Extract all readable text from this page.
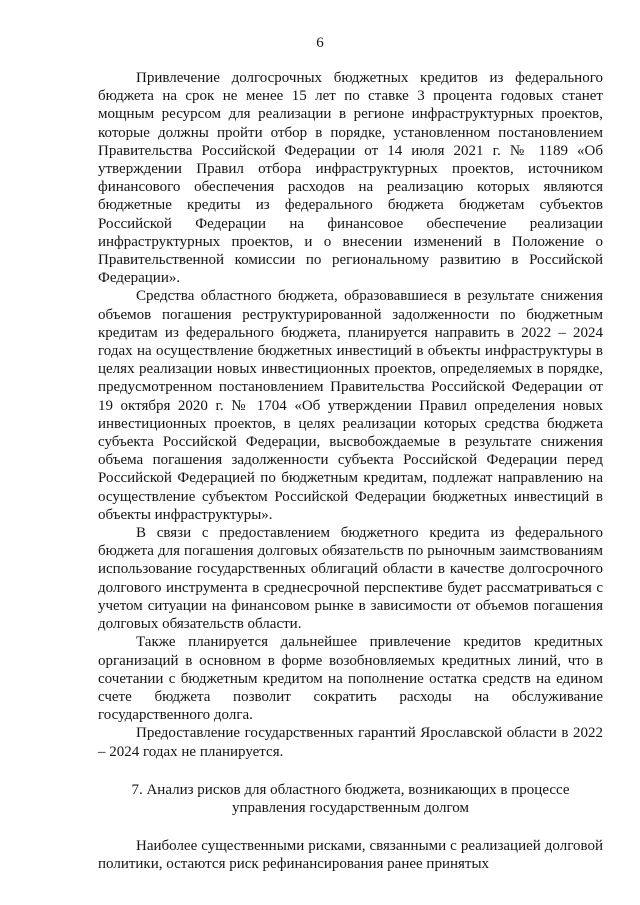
6

Привлечение долгосрочных бюджетных кредитов из федерального бюджета на срок не менее 15 лет по ставке 3 процента годовых станет мощным ресурсом для реализации в регионе инфраструктурных проектов, которые должны пройти отбор в порядке, установленном постановлением Правительства Российской Федерации от 14 июля 2021 г. № 1189 «Об утверждении Правил отбора инфраструктурных проектов, источником финансового обеспечения расходов на реализацию которых являются бюджетные кредиты из федерального бюджета бюджетам субъектов Российской Федерации на финансовое обеспечение реализации инфраструктурных проектов, и о внесении изменений в Положение о Правительственной комиссии по региональному развитию в Российской Федерации».

Средства областного бюджета, образовавшиеся в результате снижения объемов погашения реструктурированной задолженности по бюджетным кредитам из федерального бюджета, планируется направить в 2022 – 2024 годах на осуществление бюджетных инвестиций в объекты инфраструктуры в целях реализации новых инвестиционных проектов, определяемых в порядке, предусмотренном постановлением Правительства Российской Федерации от 19 октября 2020 г. № 1704 «Об утверждении Правил определения новых инвестиционных проектов, в целях реализации которых средства бюджета субъекта Российской Федерации, высвобождаемые в результате снижения объема погашения задолженности субъекта Российской Федерации перед Российской Федерацией по бюджетным кредитам, подлежат направлению на осуществление субъектом Российской Федерации бюджетных инвестиций в объекты инфраструктуры».

В связи с предоставлением бюджетного кредита из федерального бюджета для погашения долговых обязательств по рыночным заимствованиям использование государственных облигаций области в качестве долгосрочного долгового инструмента в среднесрочной перспективе будет рассматриваться с учетом ситуации на финансовом рынке в зависимости от объемов погашения долговых обязательств области.

Также планируется дальнейшее привлечение кредитов кредитных организаций в основном в форме возобновляемых кредитных линий, что в сочетании с бюджетным кредитом на пополнение остатка средств на едином счете бюджета позволит сократить расходы на обслуживание государственного долга.

Предоставление государственных гарантий Ярославской области в 2022 – 2024 годах не планируется.

7. Анализ рисков для областного бюджета, возникающих в процессе
управления государственным долгом

Наиболее существенными рисками, связанными с реализацией долговой политики, остаются риск рефинансирования ранее принятых
